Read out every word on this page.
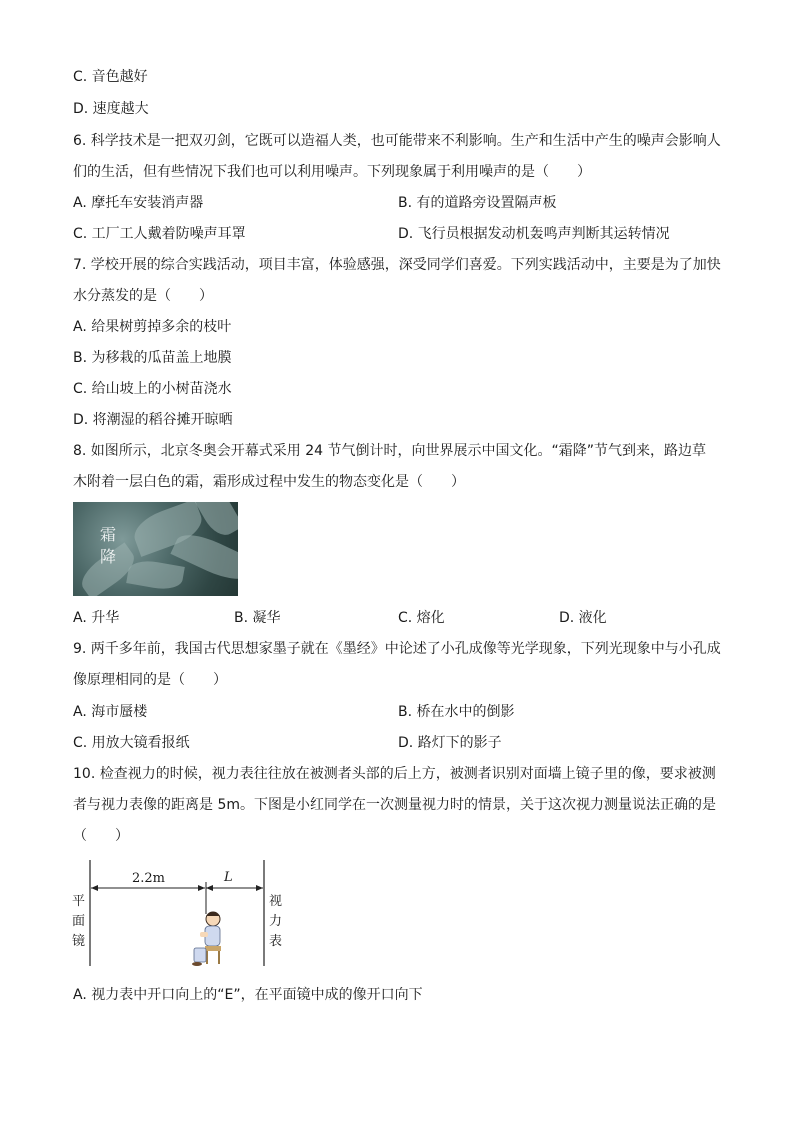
C. 音色越好
D. 速度越大
6. 科学技术是一把双刃剑，它既可以造福人类，也可能带来不利影响。生产和生活中产生的噪声会影响人
们的生活，但有些情况下我们也可以利用噪声。下列现象属于利用噪声的是（　　）
A. 摩托车安装消声器	B. 有的道路旁设置隔声板
C. 工厂工人戴着防噪声耳罩	D. 飞行员根据发动机轰鸣声判断其运转情况
7. 学校开展的综合实践活动，项目丰富，体验感强，深受同学们喜爱。下列实践活动中，主要是为了加快
水分蒸发的是（　　）
A. 给果树剪掉多余的枝叶
B. 为移栽的瓜苗盖上地膜
C. 给山坡上的小树苗浇水
D. 将潮湿的稻谷摊开晾晒
8. 如图所示，北京冬奥会开幕式采用 24 节气倒计时，向世界展示中国文化。“霜降”节气到来，路边草
木附着一层白色的霜，霜形成过程中发生的物态变化是（　　）
霜降
A. 升华	B. 凝华	C. 熔化	D. 液化
9. 两千多年前，我国古代思想家墨子就在《墨经》中论述了小孔成像等光学现象，下列光现象中与小孔成
像原理相同的是（　　）
A. 海市蜃楼	B. 桥在水中的倒影
C. 用放大镜看报纸	D. 路灯下的影子
10. 检查视力的时候，视力表往往放在被测者头部的后上方，被测者识别对面墙上镜子里的像，要求被测
者与视力表像的距离是 5m。下图是小红同学在一次测量视力时的情景，关于这次视力测量说法正确的是
（　　）
2.2m	L
平
面
镜
视
力
表
A. 视力表中开口向上的“E”，在平面镜中成的像开口向下
